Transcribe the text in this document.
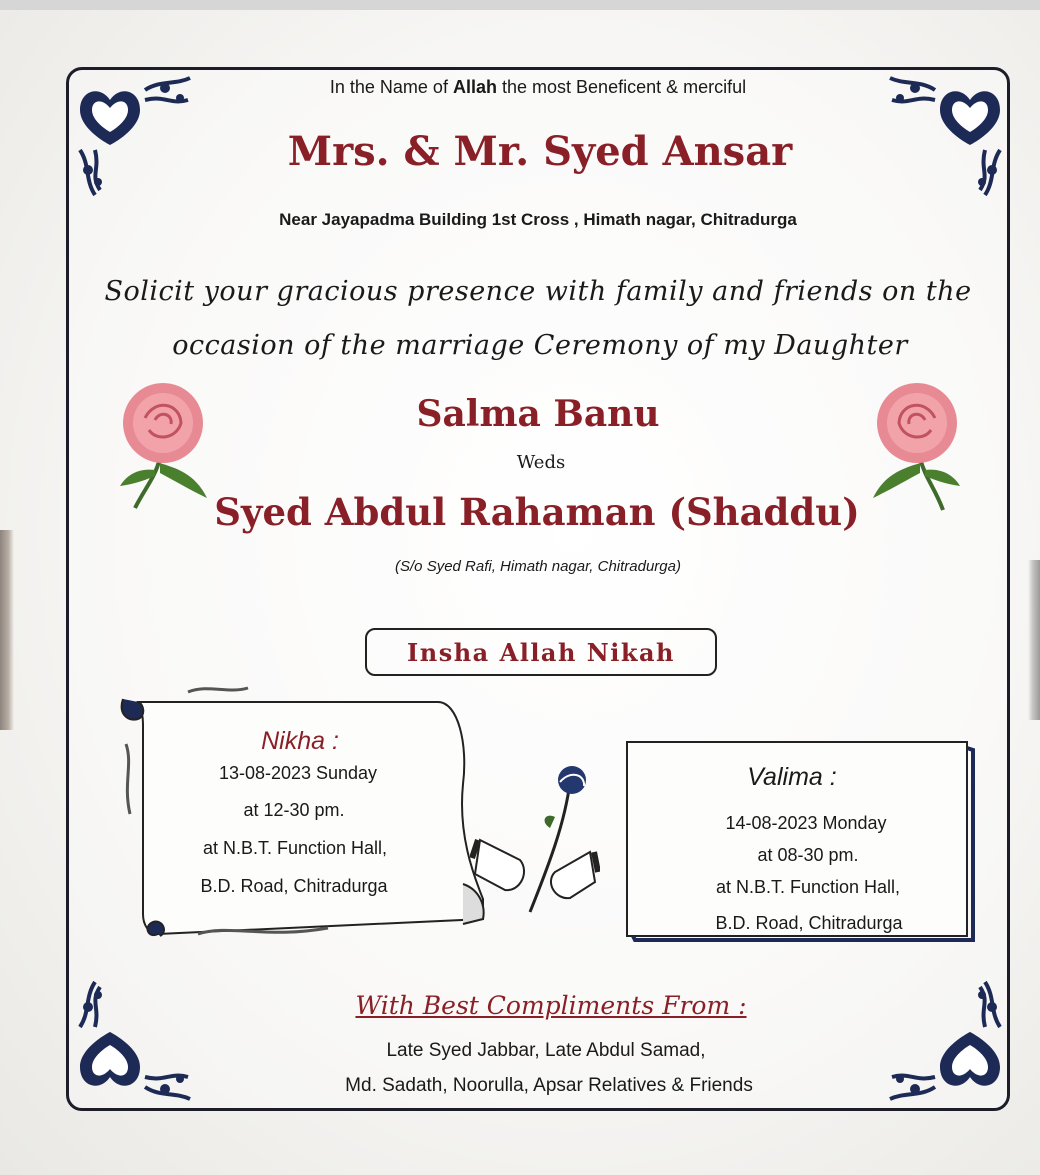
In the Name of Allah the most Beneficent & merciful
Mrs. & Mr. Syed Ansar
Near Jayapadma Building 1st Cross , Himath nagar, Chitradurga
Solicit your gracious presence with family and friends on the
occasion of the marriage Ceremony of my Daughter
Salma Banu
Weds
Syed Abdul Rahaman (Shaddu)
(S/o Syed Rafi, Himath nagar, Chitradurga)
Insha Allah Nikah
Nikha :
13-08-2023 Sunday
at 12-30 pm.
at N.B.T. Function Hall,
B.D. Road, Chitradurga
Valima :
14-08-2023 Monday
at 08-30 pm.
at N.B.T. Function Hall,
B.D. Road, Chitradurga
With Best Compliments From :
Late Syed Jabbar, Late Abdul Samad,
Md. Sadath, Noorulla, Apsar Relatives & Friends
